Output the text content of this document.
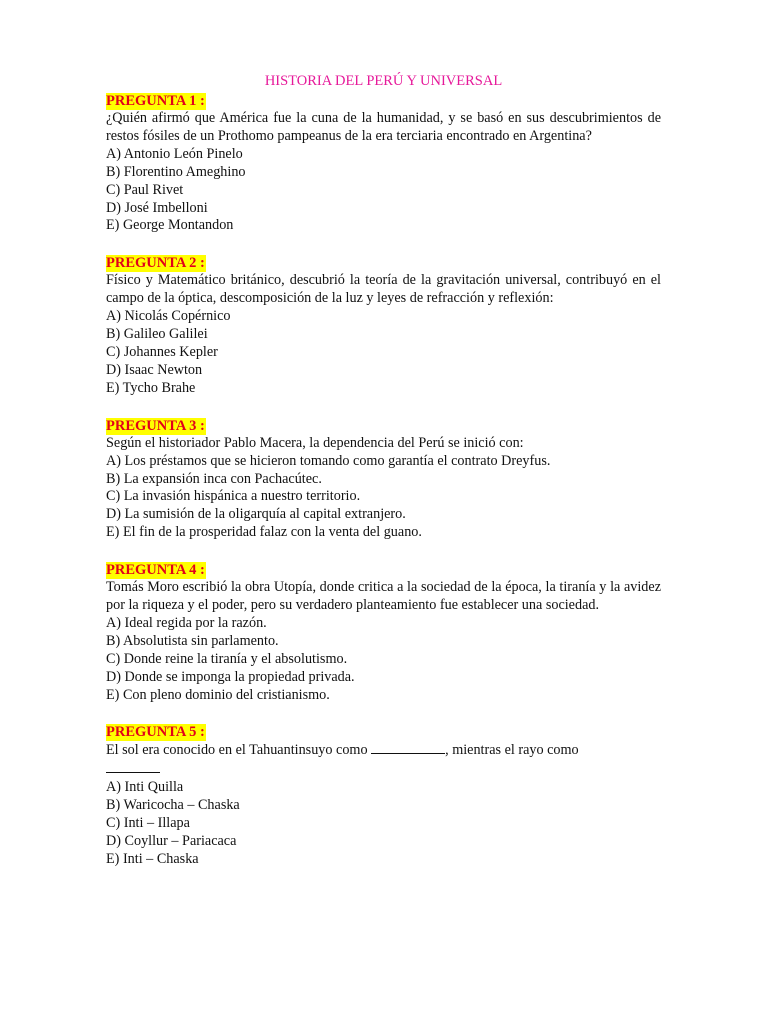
HISTORIA DEL PERÚ Y UNIVERSAL
PREGUNTA 1 :

¿Quién afirmó que América fue la cuna de la humanidad, y se basó en sus descubrimientos de restos fósiles de un Prothomo pampeanus de la era terciaria encontrado en Argentina?

A) Antonio León Pinelo
B) Florentino Ameghino
C) Paul Rivet
D) José Imbelloni
E) George Montandon
PREGUNTA 2 :

Físico y Matemático británico, descubrió la teoría de la gravitación universal, contribuyó en el campo de la óptica, descomposición de la luz y leyes de refracción y reflexión:

A) Nicolás Copérnico
B) Galileo Galilei
C) Johannes Kepler
D) Isaac Newton
E) Tycho Brahe
PREGUNTA 3 :

Según el historiador Pablo Macera, la dependencia del Perú se inició con:

A) Los préstamos que se hicieron tomando como garantía el contrato Dreyfus.
B) La expansión inca con Pachacútec.
C) La invasión hispánica a nuestro territorio.
D) La sumisión de la oligarquía al capital extranjero.
E) El fin de la prosperidad falaz con la venta del guano.
PREGUNTA 4 :

Tomás Moro escribió la obra Utopía, donde critica a la sociedad de la época, la tiranía y la avidez por la riqueza y el poder, pero su verdadero planteamiento fue establecer una sociedad.

A) Ideal regida por la razón.
B) Absolutista sin parlamento.
C) Donde reine la tiranía y el absolutismo.
D) Donde se imponga la propiedad privada.
E) Con pleno dominio del cristianismo.
PREGUNTA 5 :

El sol era conocido en el Tahuantinsuyo como	, mientras el rayo como

A) Inti Quilla
B) Waricocha – Chaska
C) Inti – Illapa
D) Coyllur – Pariacaca
E) Inti – Chaska
